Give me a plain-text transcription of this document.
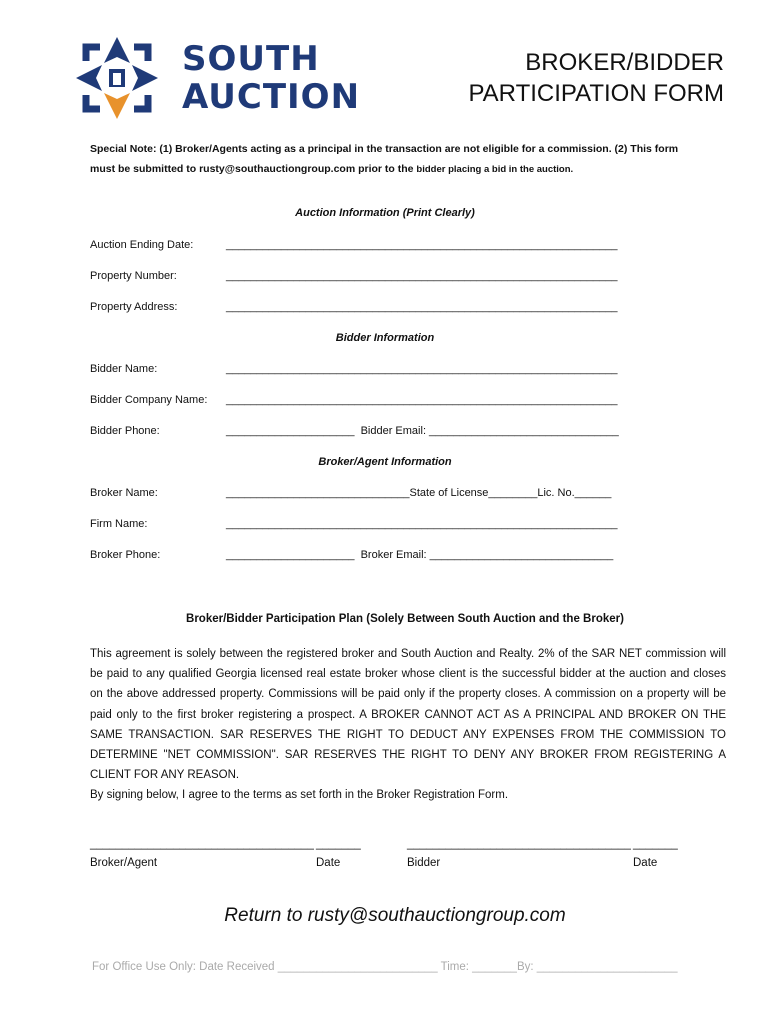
SOUTH
AUCTION
BROKER/BIDDER
PARTICIPATION FORM
Special Note: (1) Broker/Agents acting as a principal in the transaction are not eligible for a commission. (2) This form must be submitted to rusty@southauctiongroup.com prior to the bidder placing a bid in the auction.
Auction Information (Print Clearly)
Auction Ending Date:	________________________________________________________________
Property Number:	________________________________________________________________
Property Address:	________________________________________________________________
Bidder Information
Bidder Name:	________________________________________________________________
Bidder Company Name: ________________________________________________________________
Bidder Phone:	_____________________  Bidder Email: _______________________________
Broker/Agent Information
Broker Name:	______________________________State of License________Lic. No.______
Firm Name:	________________________________________________________________
Broker Phone:	_____________________  Broker Email: ______________________________
Broker/Bidder Participation Plan (Solely Between South Auction and the Broker)
This agreement is solely between the registered broker and South Auction and Realty. 2% of the SAR NET commission will be paid to any qualified Georgia licensed real estate broker whose client is the successful bidder at the auction and closes on the above addressed property. Commissions will be paid only if the property closes. A commission on a property will be paid only to the first broker registering a prospect. A BROKER CANNOT ACT AS A PRINCIPAL AND BROKER ON THE SAME TRANSACTION. SAR RESERVES THE RIGHT TO DEDUCT ANY EXPENSES FROM THE COMMISSION TO DETERMINE "NET COMMISSION". SAR RESERVES THE RIGHT TO DENY ANY BROKER FROM REGISTERING A CLIENT FOR ANY REASON.
By signing below, I agree to the terms as set forth in the Broker Registration Form.
___________________________________ _______	___________________________________ _______
Broker/Agent	Date	Bidder	Date
Return to rusty@southauctiongroup.com
For Office Use Only: Date Received _________________________ Time: _______By: ______________________
